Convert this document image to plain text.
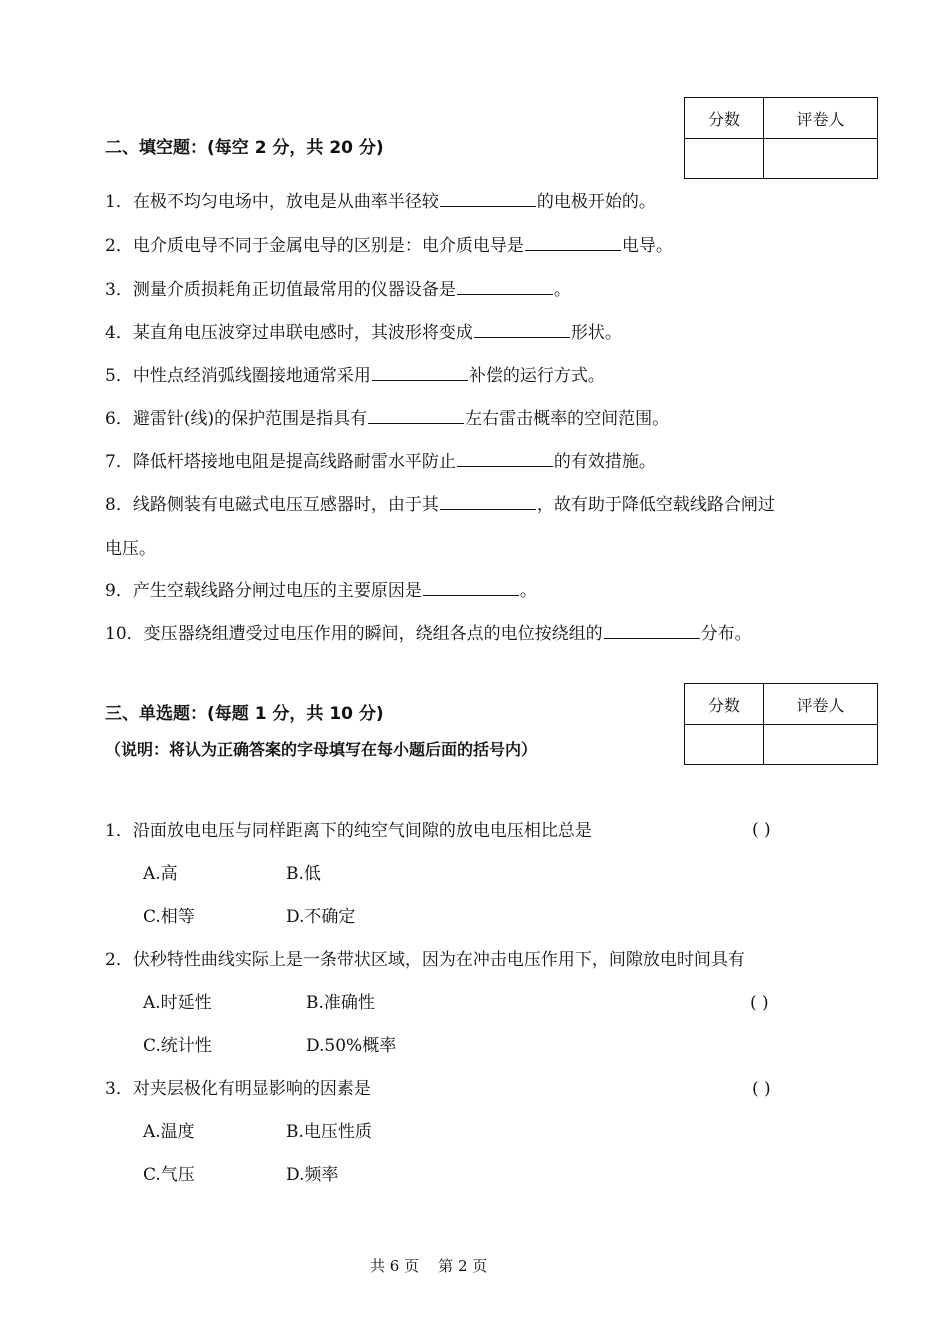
分数	评卷人

二、填空题：(每空 2 分，共 20 分)
1．在极不均匀电场中，放电是从曲率半径较	的电极开始的。
2．电介质电导不同于金属电导的区别是：电介质电导是	电导。
3．测量介质损耗角正切值最常用的仪器设备是	。
4．某直角电压波穿过串联电感时，其波形将变成	形状。
5．中性点经消弧线圈接地通常采用	补偿的运行方式。
6．避雷针(线)的保护范围是指具有	左右雷击概率的空间范围。
7．降低杆塔接地电阻是提高线路耐雷水平防止	的有效措施。
8．线路侧装有电磁式电压互感器时，由于其	，故有助于降低空载线路合闸过
电压。
9．产生空载线路分闸过电压的主要原因是	。
10．变压器绕组遭受过电压作用的瞬间，绕组各点的电位按绕组的	分布。
分数	评卷人

三、单选题：(每题 1 分，共 10 分)
（说明：将认为正确答案的字母填写在每小题后面的括号内）
1．沿面放电电压与同样距离下的纯空气间隙的放电电压相比总是	( )
A.高	B.低
C.相等	D.不确定
2．伏秒特性曲线实际上是一条带状区域，因为在冲击电压作用下，间隙放电时间具有
A.时延性	B.准确性	( )
C.统计性	D.50%概率
3．对夹层极化有明显影响的因素是	( )
A.温度	B.电压性质
C.气压	D.频率
共 6 页 第 2 页
